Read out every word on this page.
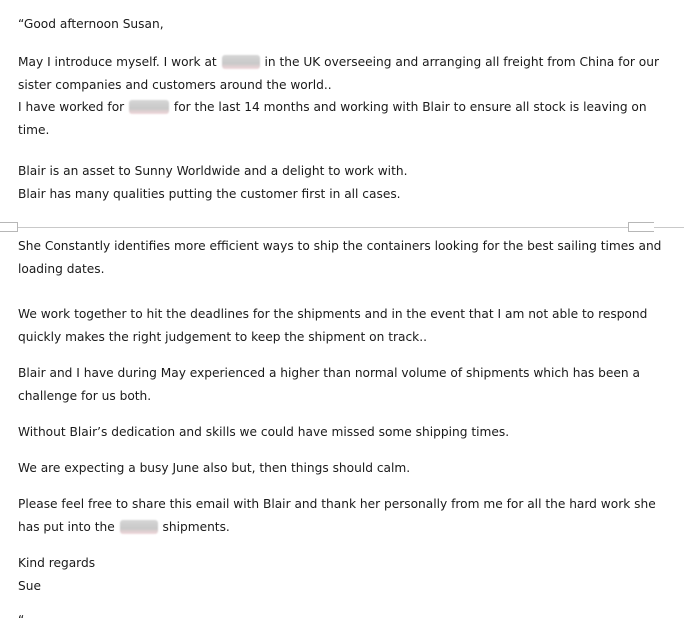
“Good afternoon Susan,
May I introduce myself. I work at	in the UK overseeing and arranging all freight from China for our
sister companies and customers around the world..
I have worked for	for the last 14 months and working with Blair to ensure all stock is leaving on
time.
Blair is an asset to Sunny Worldwide and a delight to work with.
Blair has many qualities putting the customer first in all cases.
She Constantly identifies more efficient ways to ship the containers looking for the best sailing times and
loading dates.
We work together to hit the deadlines for the shipments and in the event that I am not able to respond
quickly makes the right judgement to keep the shipment on track..
Blair and I have during May experienced a higher than normal volume of shipments which has been a
challenge for us both.
Without Blair’s dedication and skills we could have missed some shipping times.
We are expecting a busy June also but, then things should calm.
Please feel free to share this email with Blair and thank her personally from me for all the hard work she
has put into the	shipments.
Kind regards
Sue
“
